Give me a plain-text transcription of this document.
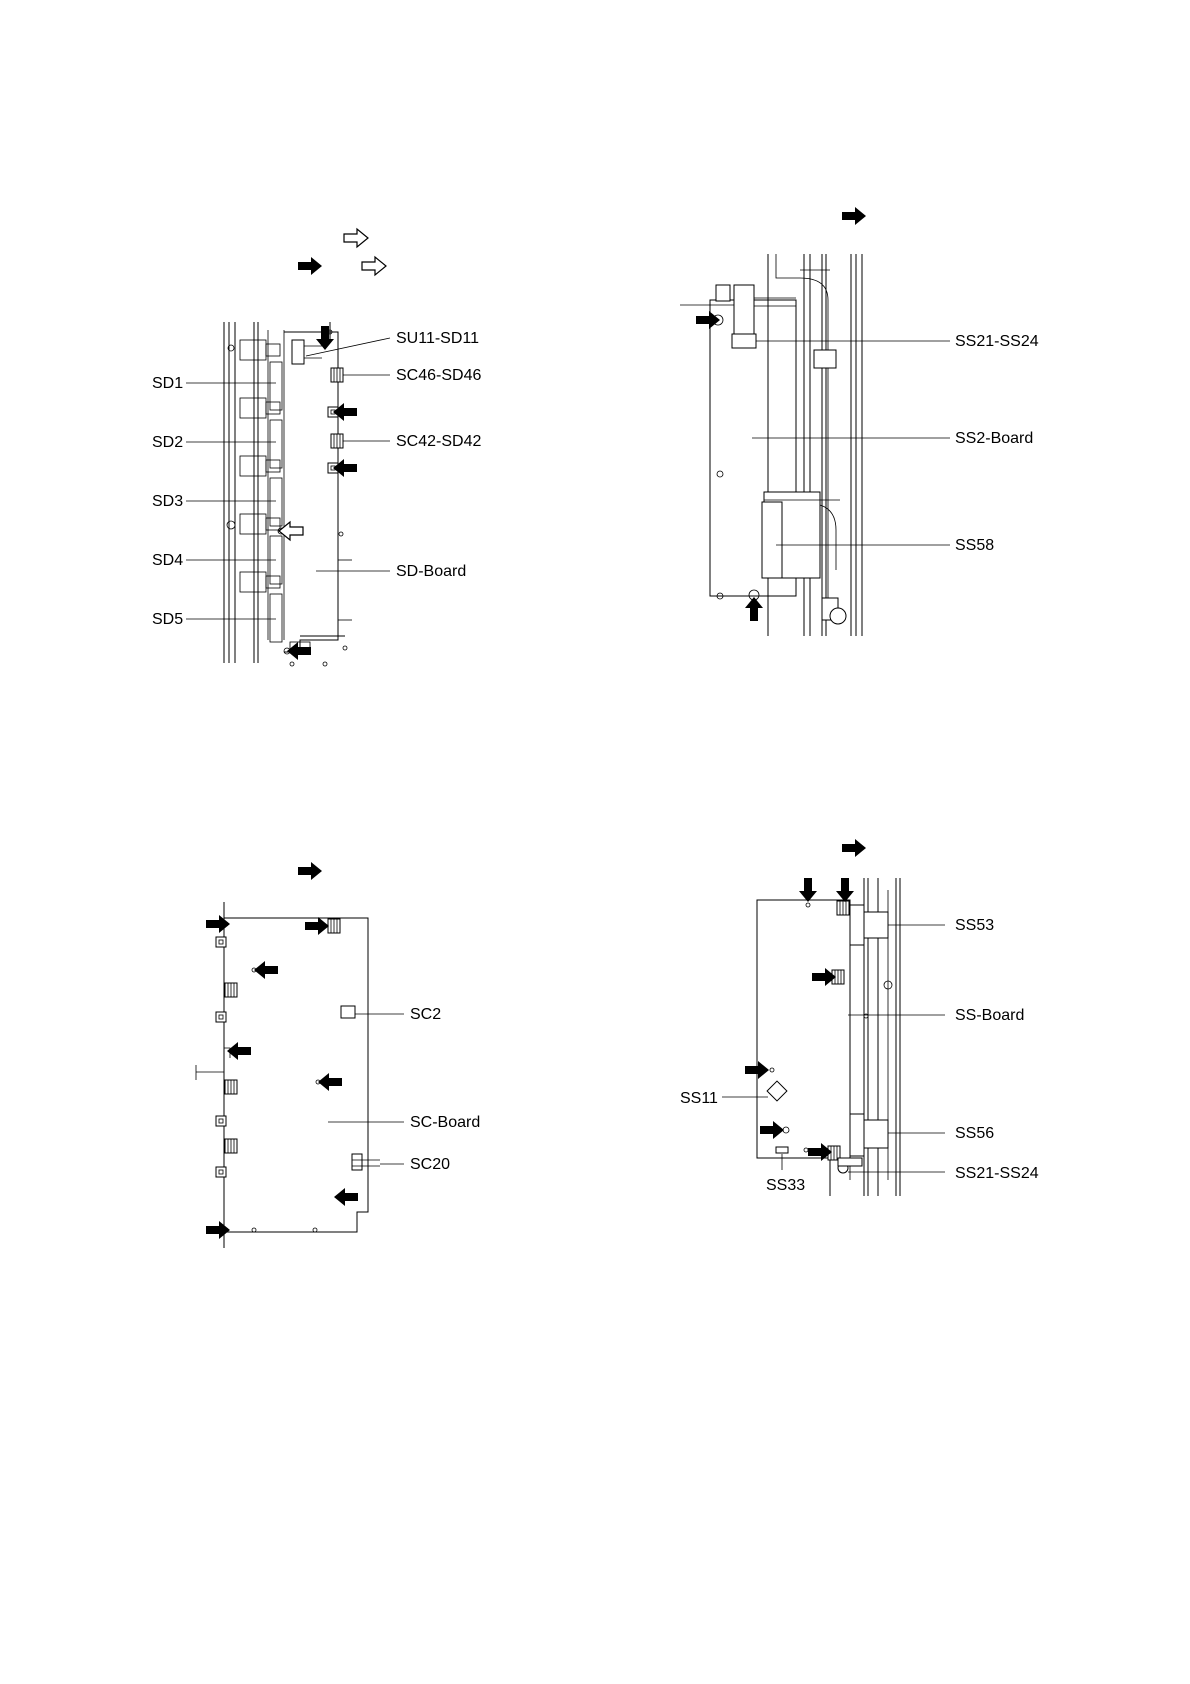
SD1
SD2
SD3
SD4
SD5
SU11-SD11
SC46-SD46
SC42-SD42
SD-Board
SS21-SS24
SS2-Board
SS58
SC2
SC-Board
SC20
SS53
SS-Board
SS11
SS56
SS21-SS24
SS33
